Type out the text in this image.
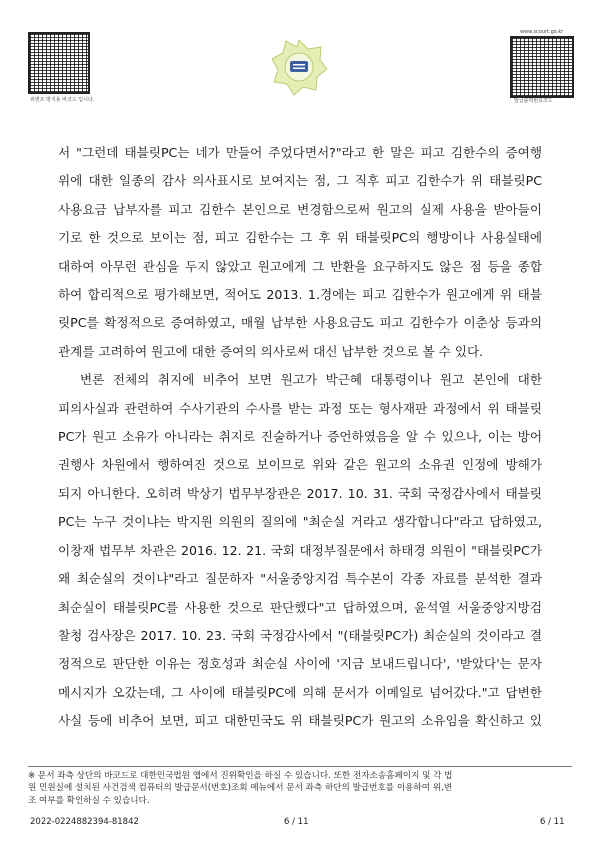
위변조 방지용 바코드 입니다.
www.scourt.go.kr
발급출력번호코드
서 "그런데 태블릿PC는 네가 만들어 주었다면서?"라고 한 말은 피고 김한수의 증여행
위에 대한 일종의 감사 의사표시로 보여지는 점, 그 직후 피고 김한수가 위 태블릿PC
사용요금 납부자를 피고 김한수 본인으로 변경함으로써 원고의 실제 사용을 받아들이
기로 한 것으로 보이는 점, 피고 김한수는 그 후 위 태블릿PC의 행방이나 사용실태에
대하여 아무런 관심을 두지 않았고 원고에게 그 반환을 요구하지도 않은 점 등을 종합
하여 합리적으로 평가해보면, 적어도 2013. 1.경에는 피고 김한수가 원고에게 위 태블
릿PC를 확정적으로 증여하였고, 매월 납부한 사용요금도 피고 김한수가 이춘상 등과의
관계를 고려하여 원고에 대한 증여의 의사로써 대신 납부한 것으로 볼 수 있다.
변론 전체의 취지에 비추어 보면 원고가 박근혜 대통령이나 원고 본인에 대한
피의사실과 관련하여 수사기관의 수사를 받는 과정 또는 형사재판 과정에서 위 태블릿
PC가 원고 소유가 아니라는 취지로 진술하거나 증언하였음을 알 수 있으나, 이는 방어
권행사 차원에서 행하여진 것으로 보이므로 위와 같은 원고의 소유권 인정에 방해가
되지 아니한다. 오히려 박상기 법무부장관은 2017. 10. 31. 국회 국정감사에서 태블릿
PC는 누구 것이냐는 박지원 의원의 질의에 "최순실 거라고 생각합니다"라고 답하였고,
이창재 법무부 차관은 2016. 12. 21. 국회 대정부질문에서 하태경 의원이 "태블릿PC가
왜 최순실의 것이냐"라고 질문하자 "서울중앙지검 특수본이 각종 자료를 분석한 결과
최순실이 태블릿PC를 사용한 것으로 판단했다"고 답하였으며, 윤석열 서울중앙지방검
찰청 검사장은 2017. 10. 23. 국회 국정감사에서 "(태블릿PC가) 최순실의 것이라고 결
정적으로 판단한 이유는 정호성과 최순실 사이에 '지금 보내드립니다', '받았다'는 문자
메시지가 오갔는데, 그 사이에 태블릿PC에 의해 문서가 이메일로 넘어갔다."고 답변한
사실 등에 비추어 보면, 피고 대한민국도 위 태블릿PC가 원고의 소유임을 확신하고 있
※ 문서 좌측 상단의 바코드로 대한민국법원 앱에서 진위확인을 하실 수 있습니다. 또한 전자소송홈페이지 및 각 법
원 민원실에 설치된 사건검색 컴퓨터의 발급문서(번호)조회 메뉴에서 문서 좌측 하단의 발급번호를 이용하여 위,변
조 여부를 확인하실 수 있습니다.
2022-0224882394-81842	6 / 11	6 / 11
